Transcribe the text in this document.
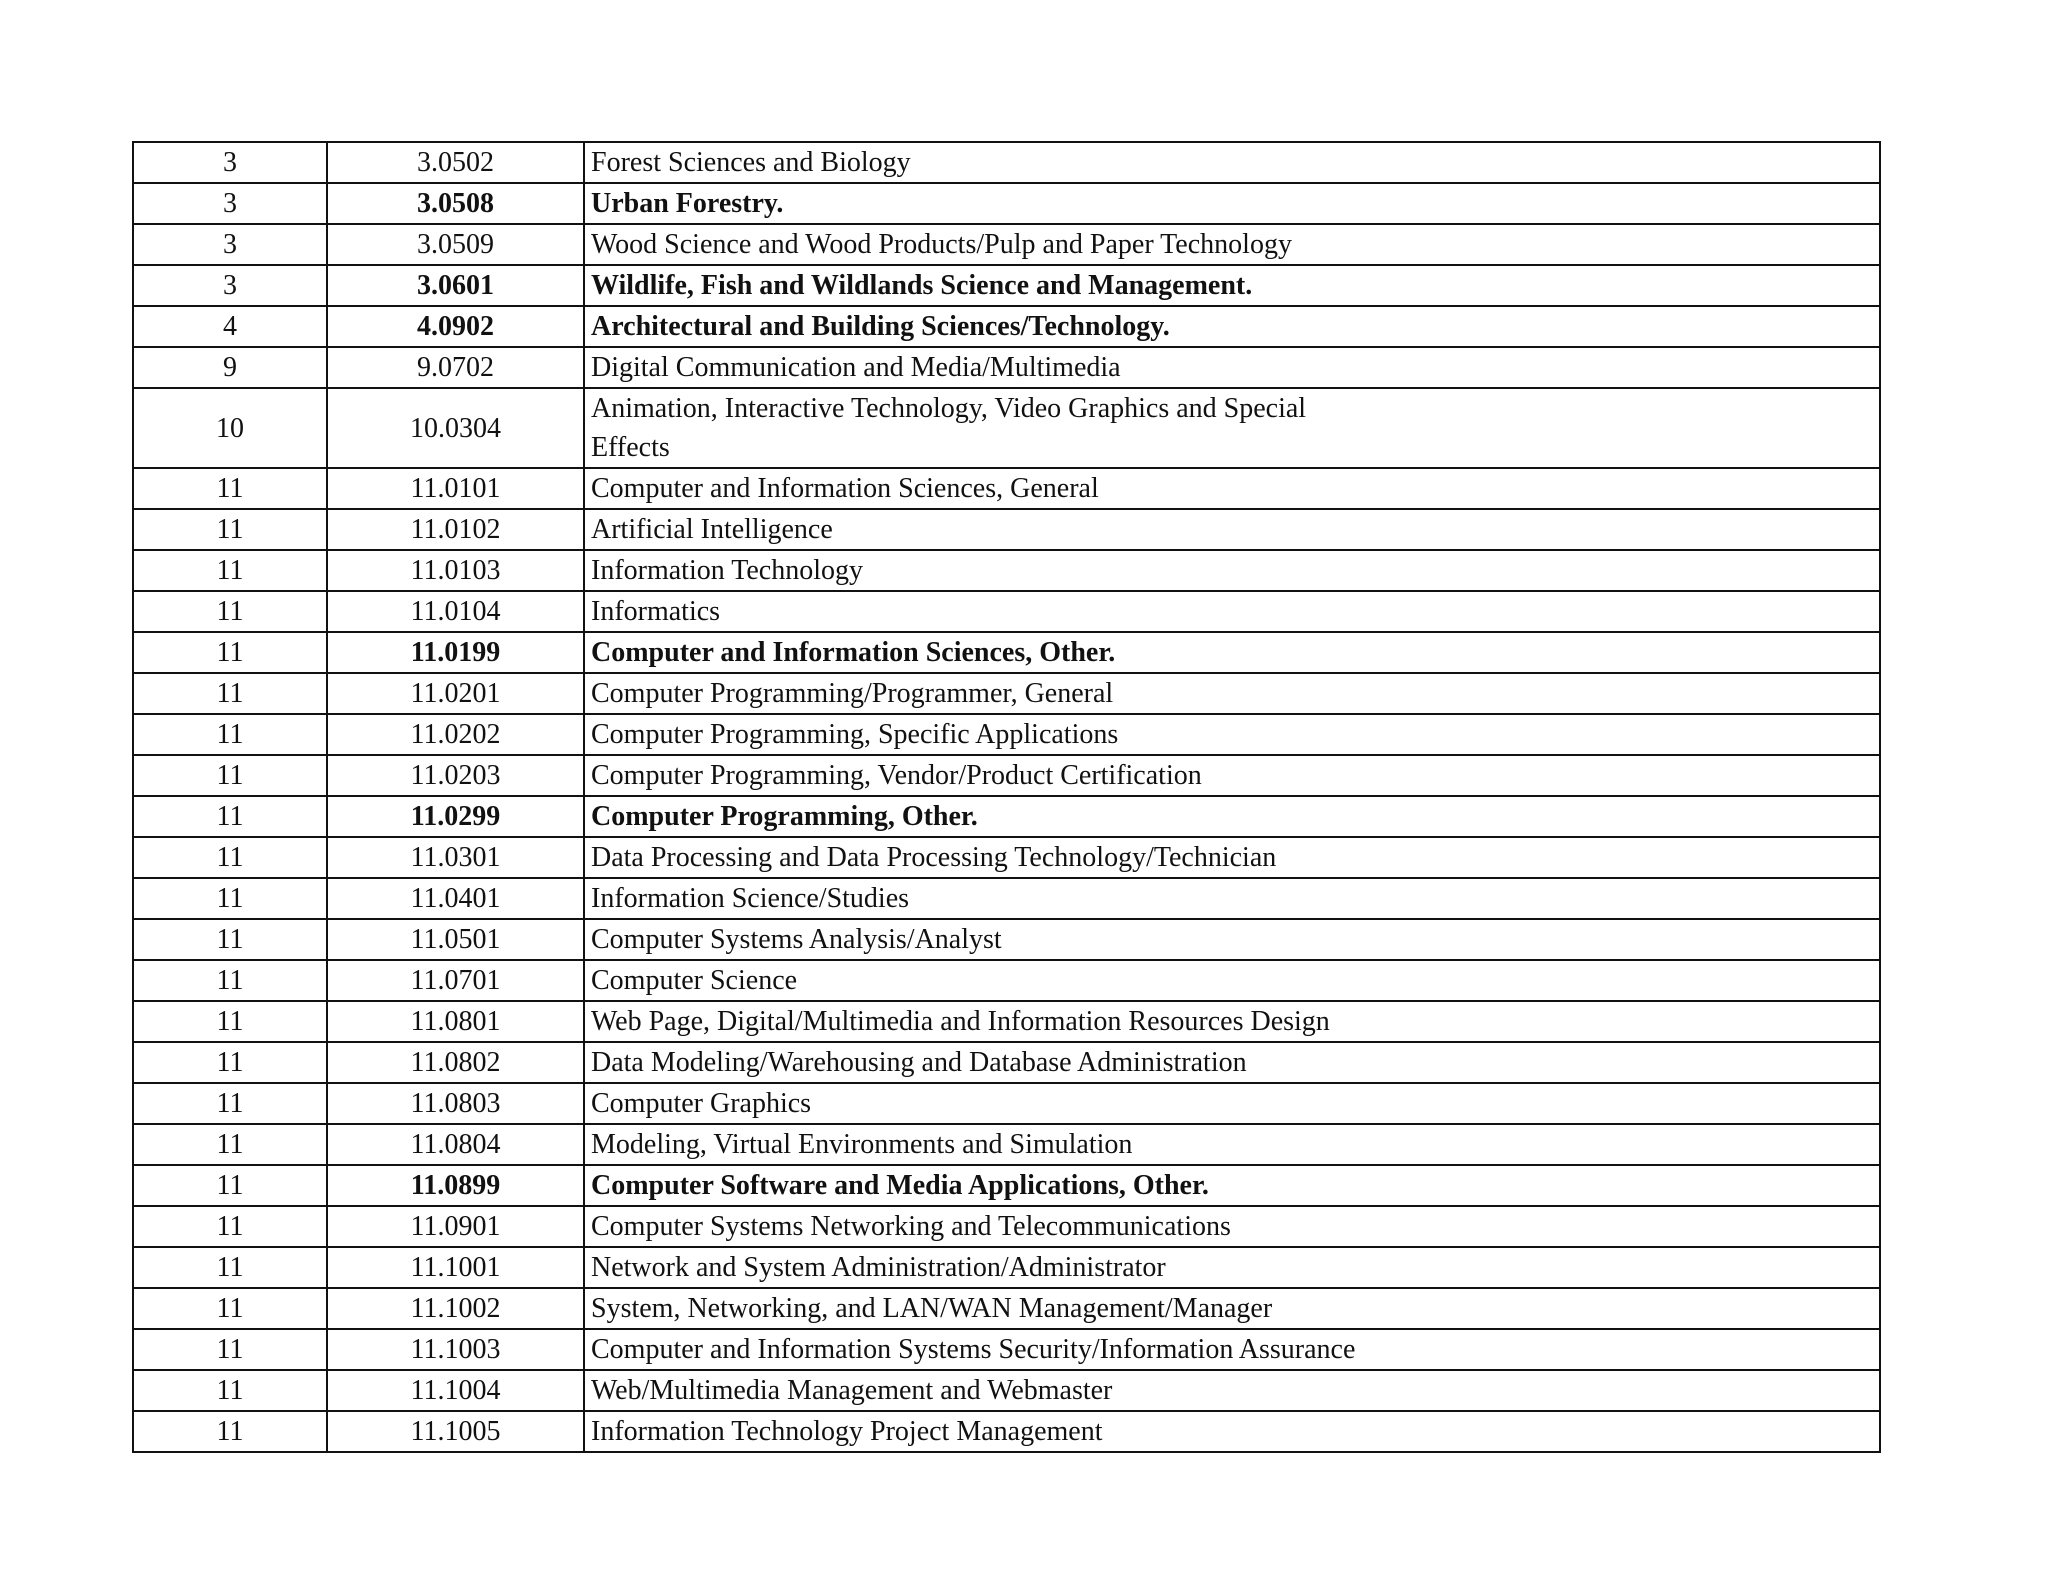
3	3.0502	Forest Sciences and Biology
3	3.0508	Urban Forestry.
3	3.0509	Wood Science and Wood Products/Pulp and Paper Technology
3	3.0601	Wildlife, Fish and Wildlands Science and Management.
4	4.0902	Architectural and Building Sciences/Technology.
9	9.0702	Digital Communication and Media/Multimedia
10	10.0304	Animation, Interactive Technology, Video Graphics and Special
Effects

11	11.0101	Computer and Information Sciences, General
11	11.0102	Artificial Intelligence
11	11.0103	Information Technology
11	11.0104	Informatics
11	11.0199	Computer and Information Sciences, Other.
11	11.0201	Computer Programming/Programmer, General
11	11.0202	Computer Programming, Specific Applications
11	11.0203	Computer Programming, Vendor/Product Certification
11	11.0299	Computer Programming, Other.
11	11.0301	Data Processing and Data Processing Technology/Technician
11	11.0401	Information Science/Studies
11	11.0501	Computer Systems Analysis/Analyst
11	11.0701	Computer Science
11	11.0801	Web Page, Digital/Multimedia and Information Resources Design
11	11.0802	Data Modeling/Warehousing and Database Administration
11	11.0803	Computer Graphics
11	11.0804	Modeling, Virtual Environments and Simulation
11	11.0899	Computer Software and Media Applications, Other.
11	11.0901	Computer Systems Networking and Telecommunications
11	11.1001	Network and System Administration/Administrator
11	11.1002	System, Networking, and LAN/WAN Management/Manager
11	11.1003	Computer and Information Systems Security/Information Assurance
11	11.1004	Web/Multimedia Management and Webmaster
11	11.1005	Information Technology Project Management
